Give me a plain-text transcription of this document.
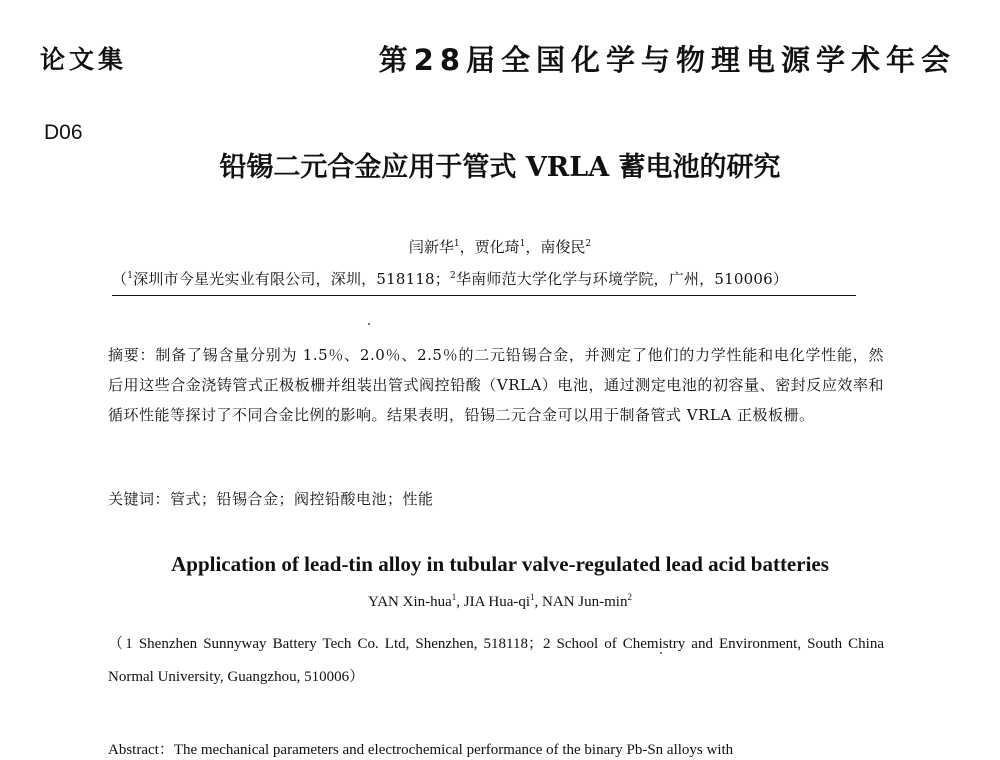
论文集	第28届全国化学与物理电源学术年会
D06
铅锡二元合金应用于管式 VRLA 蓄电池的研究
闫新华$^1$，贾化琦$^1$，南俊民$^2$
（$^1$深圳市今星光实业有限公司，深圳，518118；$^2$华南师范大学化学与环境学院，广州，510006）
摘要：制备了锡含量分别为 1.5％、2.0％、2.5％的二元铅锡合金，并测定了他们的力学性能和电化学性能，然后用这些合金浇铸管式正极板栅并组装出管式阀控铅酸（VRLA）电池，通过测定电池的初容量、密封反应效率和循环性能等探讨了不同合金比例的影响。结果表明，铅锡二元合金可以用于制备管式 VRLA 正极板栅。
关键词：管式；铅锡合金；阀控铅酸电池；性能
Application of lead-tin alloy in tubular valve-regulated lead acid batteries
YAN Xin-hua$^1$, JIA Hua-$qi^1$, NAN Jun-$\min^2$
（1 Shenzhen Sunnyway Battery Tech Co. Ltd, Shenzhen, 518118；2 School of Chemistry and Environment, South China Normal University, Guangzhou, 510006）
Abstract：The mechanical parameters and electrochemical performance of the binary Pb-Sn alloys with
